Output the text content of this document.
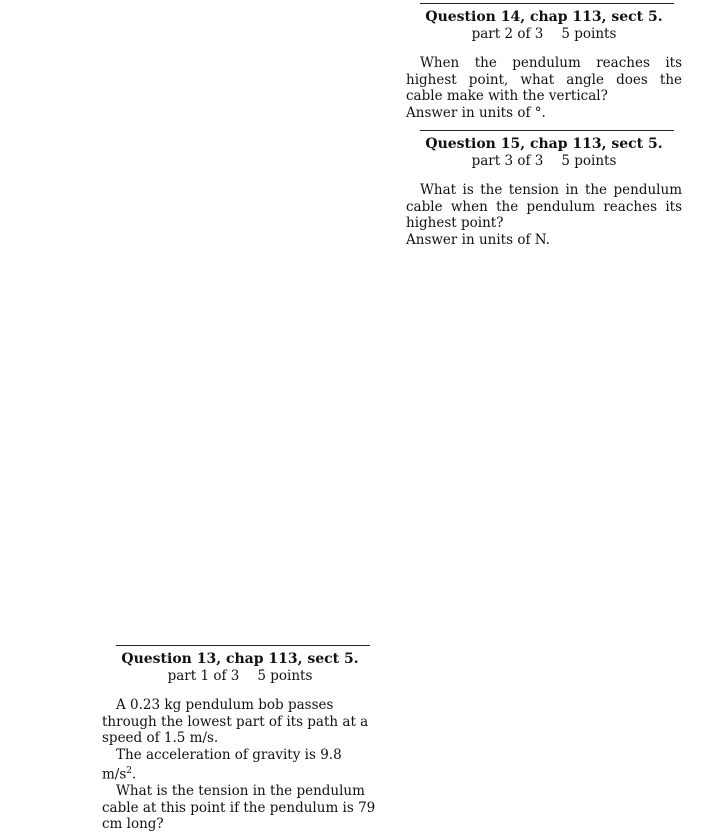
Question 14, chap 113, sect 5.
part 2 of 3 5 points

When the pendulum reaches its highest point, what angle does the cable make with the vertical?

Answer in units of °.

Question 15, chap 113, sect 5.
part 3 of 3 5 points

What is the tension in the pendulum cable when the pendulum reaches its highest point?

Answer in units of N.

Question 13, chap 113, sect 5.
part 1 of 3 5 points

A 0.23 kg pendulum bob passes through the lowest part of its path at a speed of 1.5 m/s.

The acceleration of gravity is 9.8 $m/s^2$.

What is the tension in the pendulum cable at this point if the pendulum is 79 cm long?
